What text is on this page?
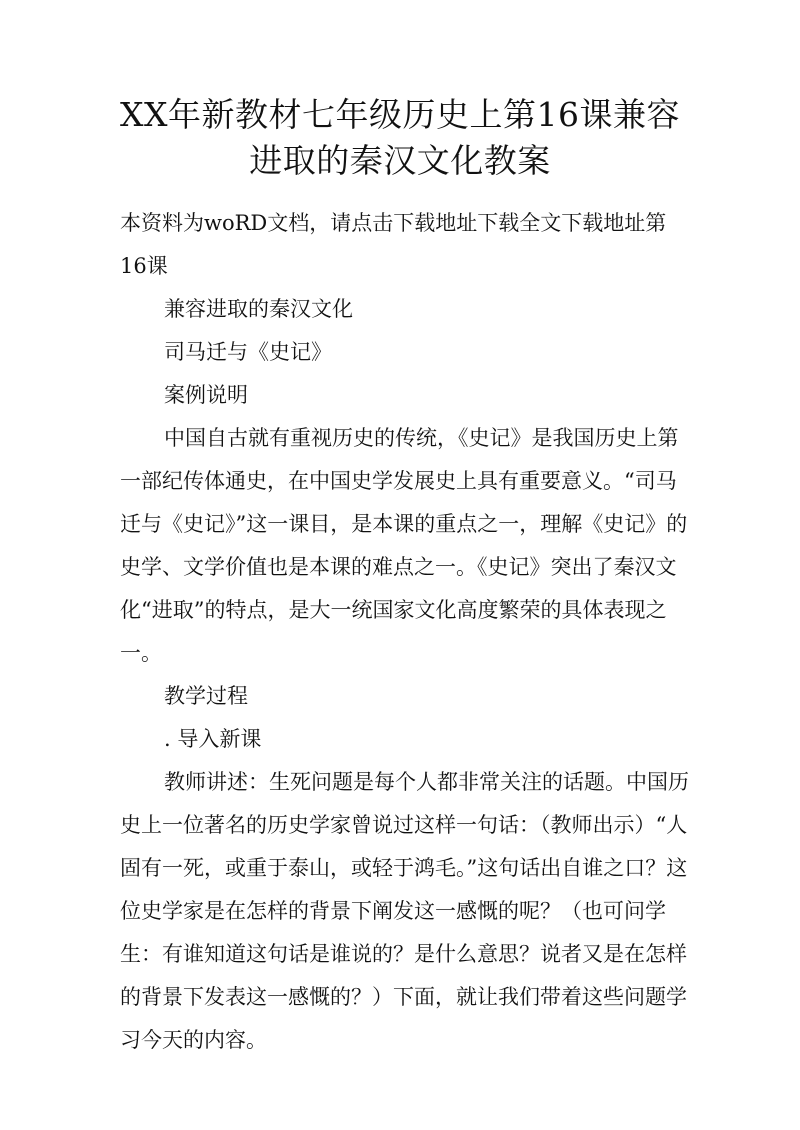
XX年新教材七年级历史上第16课兼容
进取的秦汉文化教案

本资料为woRD文档，请点击下载地址下载全文下载地址第16课

兼容进取的秦汉文化

司马迁与《史记》

案例说明

中国自古就有重视历史的传统，《史记》是我国历史上第一部纪传体通史，在中国史学发展史上具有重要意义。“司马迁与《史记》”这一课目，是本课的重点之一，理解《史记》的史学、文学价值也是本课的难点之一。《史记》突出了秦汉文化“进取”的特点，是大一统国家文化高度繁荣的具体表现之一。

教学过程

. 导入新课

教师讲述：生死问题是每个人都非常关注的话题。中国历史上一位著名的历史学家曾说过这样一句话：（教师出示）“人固有一死，或重于泰山，或轻于鸿毛。”这句话出自谁之口？这位史学家是在怎样的背景下阐发这一感慨的呢？（也可问学生：有谁知道这句话是谁说的？是什么意思？说者又是在怎样的背景下发表这一感慨的？）下面，就让我们带着这些问题学习今天的内容。
